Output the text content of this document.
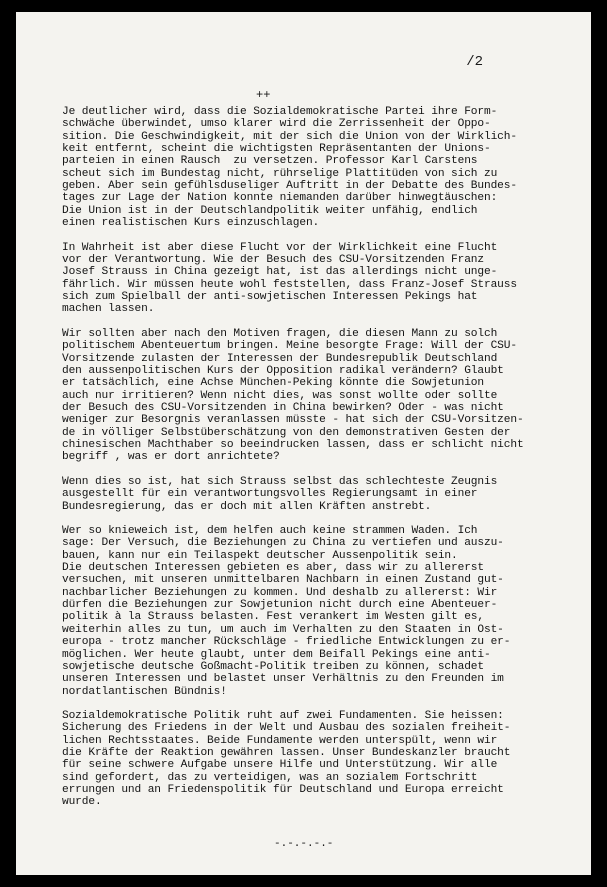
/2
++

Je deutlicher wird, dass die Sozialdemokratische Partei ihre Form-
schwäche überwindet, umso klarer wird die Zerrissenheit der Oppo-
sition. Die Geschwindigkeit, mit der sich die Union von der Wirklich-
keit entfernt, scheint die wichtigsten Repräsentanten der Unions-
parteien in einen Rausch  zu versetzen. Professor Karl Carstens
scheut sich im Bundestag nicht, rührselige Plattitüden von sich zu
geben. Aber sein gefühlsduseliger Auftritt in der Debatte des Bundes-
tages zur Lage der Nation konnte niemanden darüber hinwegtäuschen:
Die Union ist in der Deutschlandpolitik weiter unfähig, endlich
einen realistischen Kurs einzuschlagen.

In Wahrheit ist aber diese Flucht vor der Wirklichkeit eine Flucht
vor der Verantwortung. Wie der Besuch des CSU-Vorsitzenden Franz
Josef Strauss in China gezeigt hat, ist das allerdings nicht unge-
fährlich. Wir müssen heute wohl feststellen, dass Franz-Josef Strauss
sich zum Spielball der anti-sowjetischen Interessen Pekings hat
machen lassen.

Wir sollten aber nach den Motiven fragen, die diesen Mann zu solch
politischem Abenteuertum bringen. Meine besorgte Frage: Will der CSU-
Vorsitzende zulasten der Interessen der Bundesrepublik Deutschland
den aussenpolitischen Kurs der Opposition radikal verändern? Glaubt
er tatsächlich, eine Achse München-Peking könnte die Sowjetunion
auch nur irritieren? Wenn nicht dies, was sonst wollte oder sollte
der Besuch des CSU-Vorsitzenden in China bewirken? Oder - was nicht
weniger zur Besorgnis veranlassen müsste - hat sich der CSU-Vorsitzen-
de in völliger Selbstüberschätzung von den demonstrativen Gesten der
chinesischen Machthaber so beeindrucken lassen, dass er schlicht nicht
begriff , was er dort anrichtete?

Wenn dies so ist, hat sich Strauss selbst das schlechteste Zeugnis
ausgestellt für ein verantwortungsvolles Regierungsamt in einer
Bundesregierung, das er doch mit allen Kräften anstrebt.

Wer so knieweich ist, dem helfen auch keine strammen Waden. Ich
sage: Der Versuch, die Beziehungen zu China zu vertiefen und auszu-
bauen, kann nur ein Teilaspekt deutscher Aussenpolitik sein.
Die deutschen Interessen gebieten es aber, dass wir zu allererst
versuchen, mit unseren unmittelbaren Nachbarn in einen Zustand gut-
nachbarlicher Beziehungen zu kommen. Und deshalb zu allererst: Wir
dürfen die Beziehungen zur Sowjetunion nicht durch eine Abenteuer-
politik à la Strauss belasten. Fest verankert im Westen gilt es,
weiterhin alles zu tun, um auch im Verhalten zu den Staaten in Ost-
europa - trotz mancher Rückschläge - friedliche Entwicklungen zu er-
möglichen. Wer heute glaubt, unter dem Beifall Pekings eine anti-
sowjetische deutsche Goßmacht-Politik treiben zu können, schadet
unseren Interessen und belastet unser Verhältnis zu den Freunden im
nordatlantischen Bündnis!

Sozialdemokratische Politik ruht auf zwei Fundamenten. Sie heissen:
Sicherung des Friedens in der Welt und Ausbau des sozialen freiheit-
lichen Rechtsstaates. Beide Fundamente werden unterspült, wenn wir
die Kräfte der Reaktion gewähren lassen. Unser Bundeskanzler braucht
für seine schwere Aufgabe unsere Hilfe und Unterstützung. Wir alle
sind gefordert, das zu verteidigen, was an sozialem Fortschritt
errungen und an Friedenspolitik für Deutschland und Europa erreicht
wurde.

-.-.-.-.-
